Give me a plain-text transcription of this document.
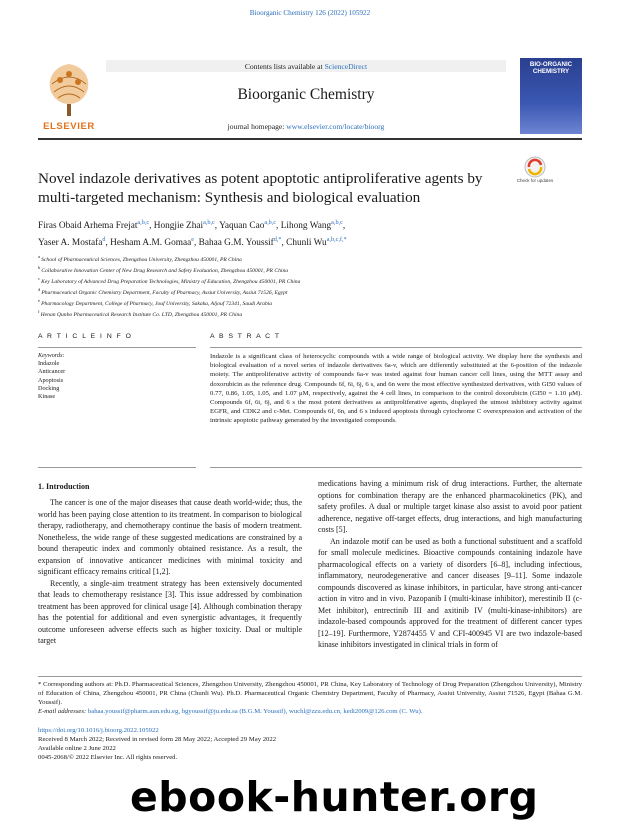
Bioorganic Chemistry 126 (2022) 105922
ELSEVIER
Contents lists available at ScienceDirect
Bioorganic Chemistry
journal homepage: www.elsevier.com/locate/bioorg
BIO-ORGANIC CHEMISTRY
Check for updates
Novel indazole derivatives as potent apoptotic antiproliferative agents by multi-targeted mechanism: Synthesis and biological evaluation
Firas Obaid Arhema Frejat$^{a,b,c}$, Hongjie Zhai$^{a,b,c}$, Yaquan Cao$^{a,b,c}$, Lihong Wang$^{a,b,c}$,
Yaser A. Mostafa$^d$, Hesham A.M. Gomaa$^e$, Bahaa G.M. Youssif$^{d,*}$, Chunli $Wu^{a,b,c,f,*}$
$^a$ School of Pharmaceutical Sciences, Zhengzhou University, Zhengzhou 450001, PR China
$^b$ Collaborative Innovation Center of New Drug Research and Safety Evaluation, Zhengzhou 450001, PR China
$^c$ Key Laboratory of Advanced Drug Preparation Technologies, Ministry of Education, Zhengzhou 450001, PR China
$^d$ Pharmaceutical Organic Chemistry Department, Faculty of Pharmacy, Assiut University, Assiut 71526, Egypt
$^e$ Pharmacology Department, College of Pharmacy, Jouf University, Sakaka, Aljouf 72341, Saudi Arabia
$^f$ Henan Qunbo Pharmaceutical Research Institute Co. LTD, Zhengzhou 450001, PR China
A R T I C L E I N F O	A B S T R A C T
Keywords:
Indazole
Anticancer
Apoptosis
Docking
Kinase
Indazole is a significant class of heterocyclic compounds with a wide range of biological activity. We display here the synthesis and biological evaluation of a novel series of indazole derivatives 6a-v, which are differently substituted at the 6-position of the indazole moiety. The antiproliferative activity of compounds 6a-v was tested against four human cancer cell lines, using the MTT assay and doxorubicin as the reference drug. Compounds 6f, 6i, 6j, 6 s, and 6n were the most effective synthesized derivatives, with GI50 values of 0.77, 0.86, 1.05, 1.05, and 1.07 μM, respectively, against the 4 cell lines, in comparison to the control doxorubicin (GI50 = 1.10 μM). Compounds 6f, 6i, 6j, and 6 s the most potent derivatives as antiproliferative agents, displayed the utmost inhibitory activity against EGFR, and CDK2 and c-Met. Compounds 6f, 6n, and 6 s induced apoptosis through cytochrome C overexpression and activation of the intrinsic apoptotic pathway generated by the investigated compounds.
1. Introduction

The cancer is one of the major diseases that cause death world-wide; thus, the world has been paying close attention to its treatment. In comparison to biological therapy, radiotherapy, and chemotherapy continue the basis of modern treatment. Nonetheless, the wide range of these suggested medications are constrained by a bound therapeutic index and commonly obtained resistance. As a result, the expansion of innovative anticancer medicines with minimal toxicity and significant efficacy remains critical [1,2].

Recently, a single-aim treatment strategy has been extensively documented that leads to chemotherapy resistance [3]. This issue addressed by combination treatment has been approved for clinical usage [4]. Although combination therapy has the potential for additional and even synergistic advantages, it frequently outcome unforeseen adverse effects such as higher toxicity. Dual or multiple target

medications having a minimum risk of drug interactions. Further, the alternate options for combination therapy are the enhanced pharmacokinetics (PK), and safety profiles. A dual or multiple target kinase also assist to avoid poor patient adherence, negative off-target effects, drug interactions, and high manufacturing costs [5].

An indazole motif can be used as both a functional substituent and a scaffold for small molecule medicines. Bioactive compounds containing indazole have pharmacological effects on a variety of disorders [6–8], including infectious, inflammatory, neurodegenerative and cancer diseases [9–11]. Some indazole compounds discovered as kinase inhibitors, in particular, have strong anti-cancer action in vitro and in vivo. Pazopanib I (multi-kinase inhibitor), merestinib II (c-Met inhibitor), entrectinib III and axitinib IV (multi-kinase-inhibitors) are indazole-based compounds approved for the treatment of different cancer types [12–19]. Furthermore, Y2874455 V and CFI-400945 VI are two indazole-based kinase inhibitors investigated in clinical trials in form of

* Corresponding authors at: Ph.D. Pharmaceutical Sciences, Zhengzhou University, Zhengzhou 450001, PR China, Key Laboratory of Technology of Drug Preparation (Zhengzhou University), Ministry of Education of China, Zhengzhou 450001, PR China (Chunli Wu). Ph.D. Pharmaceutical Organic Chemistry Department, Faculty of Pharmacy, Assiut University, Assiut 71526, Egypt (Bahaa G.M. Youssif).

E-mail addresses: bahaa.youssif@pharm.aun.edu.eg, bgyoussif@ju.edu.sa (B.G.M. Youssif), wuchl@zzu.edu.cn, kedi2009@126.com (C. Wu).

https://doi.org/10.1016/j.bioorg.2022.105922
Received 8 March 2022; Received in revised form 28 May 2022; Accepted 29 May 2022
Available online 2 June 2022
0045-2068/© 2022 Elsevier Inc. All rights reserved.
ebook-hunter.org
